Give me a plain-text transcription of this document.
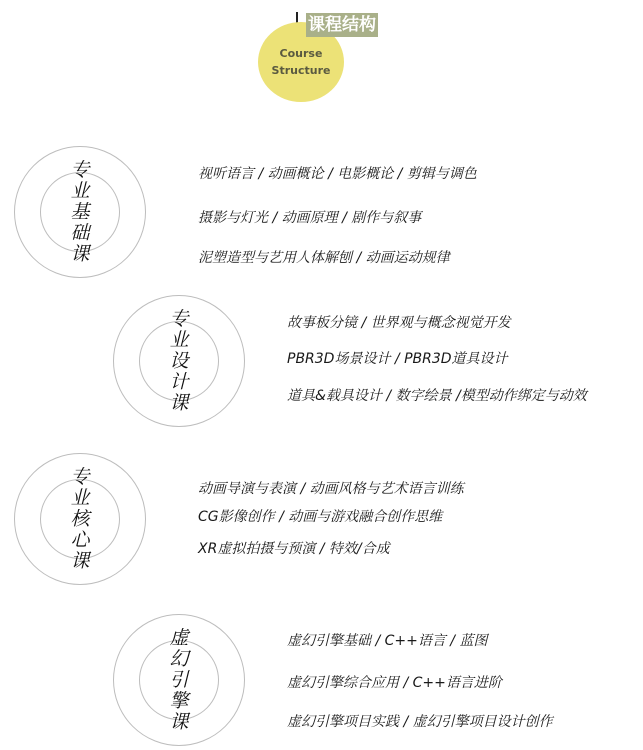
Course
Structure
课程结构
专
业
基
础
课
视听语言 / 动画概论 / 电影概论 / 剪辑与调色
摄影与灯光 / 动画原理 / 剧作与叙事
泥塑造型与艺用人体解刨 / 动画运动规律
专
业
设
计
课
故事板分镜 / 世界观与概念视觉开发
PBR3D场景设计 / PBR3D道具设计
道具&载具设计 / 数字绘景 /模型动作绑定与动效
专
业
核
心
课
动画导演与表演 / 动画风格与艺术语言训练
CG影像创作 / 动画与游戏融合创作思维
XR虚拟拍摄与预演 / 特效/合成
虚
幻
引
擎
课
虚幻引擎基础 / C++语言 / 蓝图
虚幻引擎综合应用 / C++语言进阶
虚幻引擎项目实践 / 虚幻引擎项目设计创作
